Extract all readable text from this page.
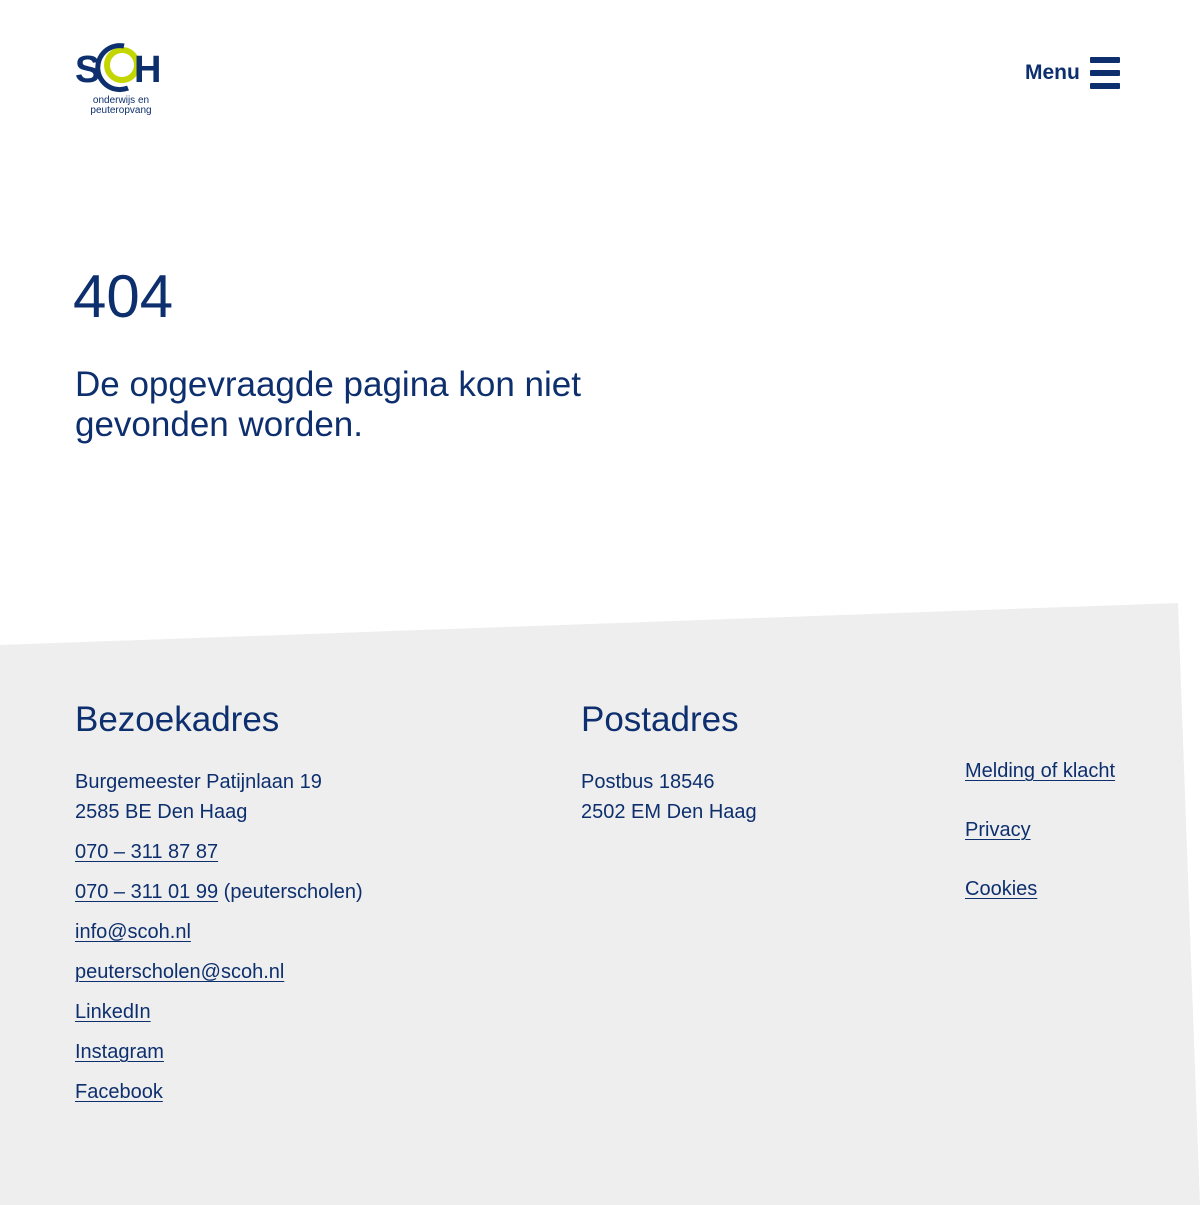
S H
onderwijs en
peuteropvang
Menu
404
De opgevraagde pagina kon niet gevonden worden.
Bezoekadres
Burgemeester Patijnlaan 19
2585 BE Den Haag
070 – 311 87 87
070 – 311 01 99 (peuterscholen)
info@scoh.nl
peuterscholen@scoh.nl
LinkedIn
Instagram
Facebook
Postadres
Postbus 18546
2502 EM Den Haag
Melding of klacht
Privacy
Cookies
